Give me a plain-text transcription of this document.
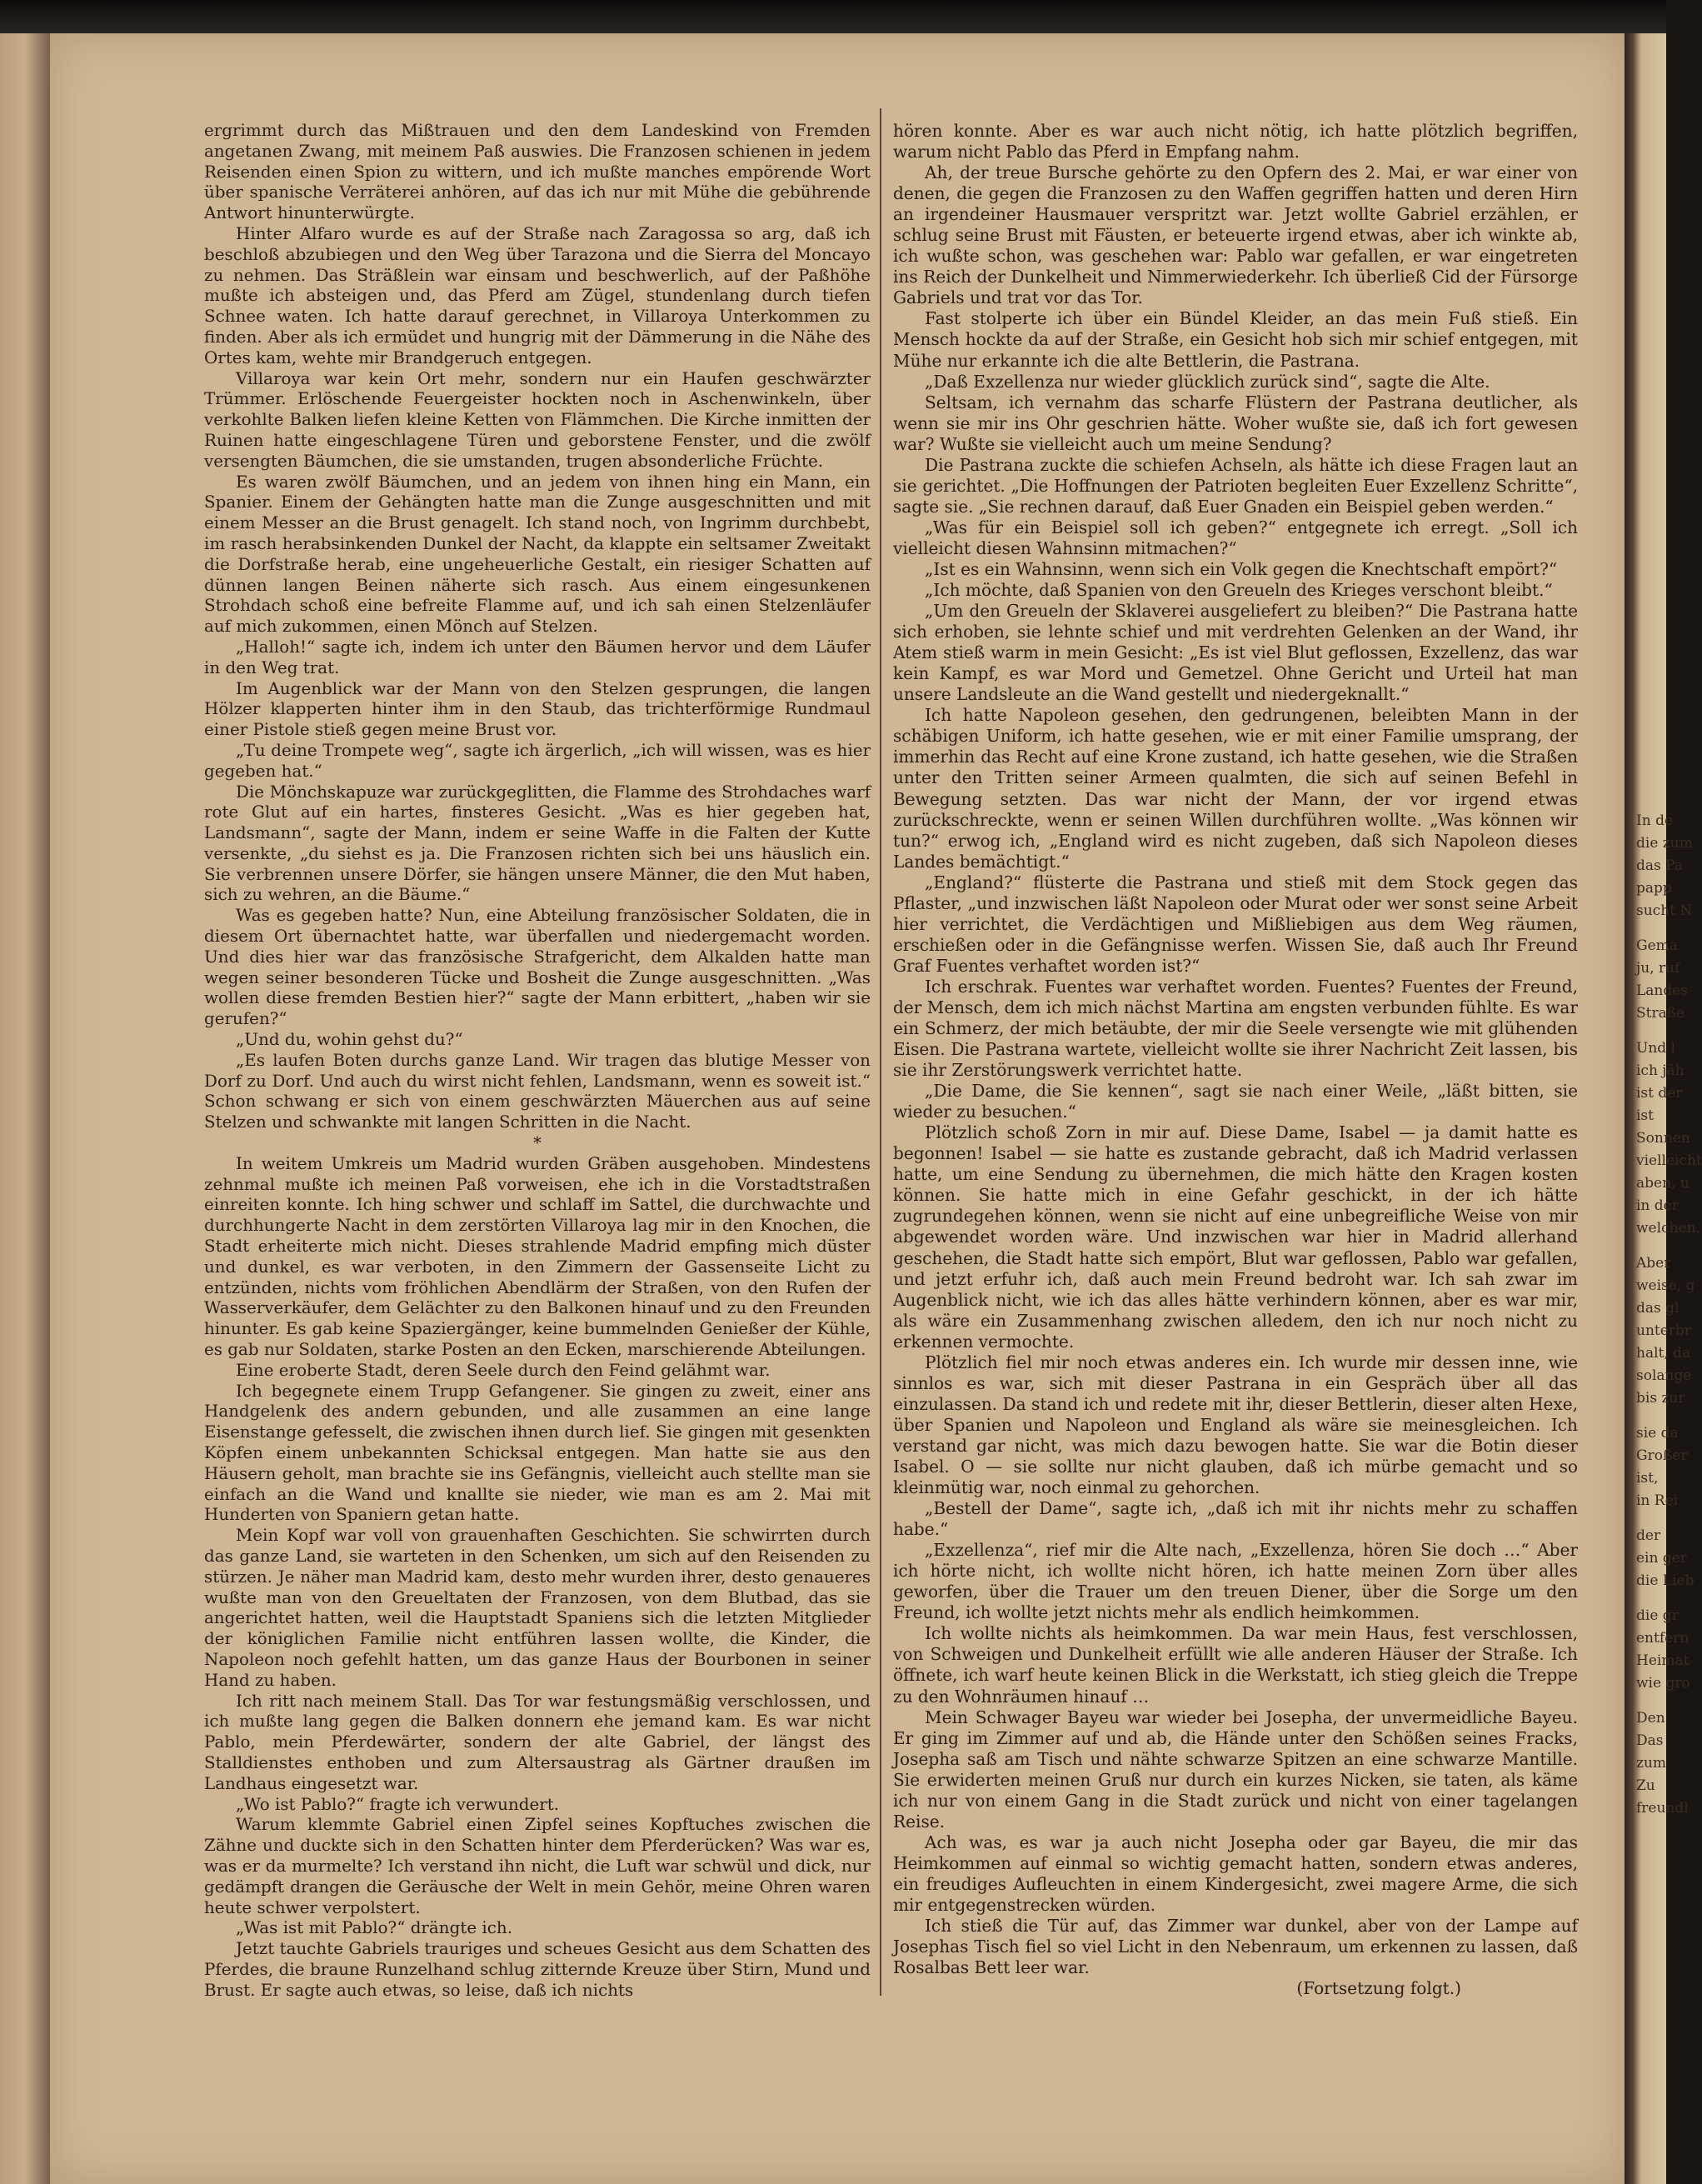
ergrimmt durch das Mißtrauen und den dem Landeskind von Fremden angetanen Zwang, mit meinem Paß auswies. Die Franzosen schienen in jedem Reisenden einen Spion zu wittern, und ich mußte manches empörende Wort über spanische Verräterei anhören, auf das ich nur mit Mühe die gebührende Antwort hinunterwürgte.

Hinter Alfaro wurde es auf der Straße nach Zaragossa so arg, daß ich beschloß abzubiegen und den Weg über Tarazona und die Sierra del Moncayo zu nehmen. Das Sträßlein war einsam und beschwerlich, auf der Paßhöhe mußte ich absteigen und, das Pferd am Zügel, stundenlang durch tiefen Schnee waten. Ich hatte darauf gerechnet, in Villaroya Unterkommen zu finden. Aber als ich ermüdet und hungrig mit der Dämmerung in die Nähe des Ortes kam, wehte mir Brandgeruch entgegen.

Villaroya war kein Ort mehr, sondern nur ein Haufen geschwärzter Trümmer. Erlöschende Feuergeister hockten noch in Aschenwinkeln, über verkohlte Balken liefen kleine Ketten von Flämmchen. Die Kirche inmitten der Ruinen hatte eingeschlagene Türen und geborstene Fenster, und die zwölf versengten Bäumchen, die sie umstanden, trugen absonderliche Früchte.

Es waren zwölf Bäumchen, und an jedem von ihnen hing ein Mann, ein Spanier. Einem der Gehängten hatte man die Zunge ausgeschnitten und mit einem Messer an die Brust genagelt. Ich stand noch, von Ingrimm durchbebt, im rasch herabsinkenden Dunkel der Nacht, da klappte ein seltsamer Zweitakt die Dorfstraße herab, eine ungeheuerliche Gestalt, ein riesiger Schatten auf dünnen langen Beinen näherte sich rasch. Aus einem eingesunkenen Strohdach schoß eine befreite Flamme auf, und ich sah einen Stelzenläufer auf mich zukommen, einen Mönch auf Stelzen.

„Halloh!“ sagte ich, indem ich unter den Bäumen hervor und dem Läufer in den Weg trat.

Im Augenblick war der Mann von den Stelzen gesprungen, die langen Hölzer klapperten hinter ihm in den Staub, das trichterförmige Rundmaul einer Pistole stieß gegen meine Brust vor.

„Tu deine Trompete weg“, sagte ich ärgerlich, „ich will wissen, was es hier gegeben hat.“

Die Mönchskapuze war zurückgeglitten, die Flamme des Strohdaches warf rote Glut auf ein hartes, finsteres Gesicht. „Was es hier gegeben hat, Landsmann“, sagte der Mann, indem er seine Waffe in die Falten der Kutte versenkte, „du siehst es ja. Die Franzosen richten sich bei uns häuslich ein. Sie verbrennen unsere Dörfer, sie hängen unsere Männer, die den Mut haben, sich zu wehren, an die Bäume.“

Was es gegeben hatte? Nun, eine Abteilung französischer Soldaten, die in diesem Ort übernachtet hatte, war überfallen und niedergemacht worden. Und dies hier war das französische Strafgericht, dem Alkalden hatte man wegen seiner besonderen Tücke und Bosheit die Zunge ausgeschnitten. „Was wollen diese fremden Bestien hier?“ sagte der Mann erbittert, „haben wir sie gerufen?“

„Und du, wohin gehst du?“

„Es laufen Boten durchs ganze Land. Wir tragen das blutige Messer von Dorf zu Dorf. Und auch du wirst nicht fehlen, Landsmann, wenn es soweit ist.“ Schon schwang er sich von einem geschwärzten Mäuerchen aus auf seine Stelzen und schwankte mit langen Schritten in die Nacht.

*

In weitem Umkreis um Madrid wurden Gräben ausgehoben. Mindestens zehnmal mußte ich meinen Paß vorweisen, ehe ich in die Vorstadtstraßen einreiten konnte. Ich hing schwer und schlaff im Sattel, die durchwachte und durchhungerte Nacht in dem zerstörten Villaroya lag mir in den Knochen, die Stadt erheiterte mich nicht. Dieses strahlende Madrid empfing mich düster und dunkel, es war verboten, in den Zimmern der Gassenseite Licht zu entzünden, nichts vom fröhlichen Abendlärm der Straßen, von den Rufen der Wasserverkäufer, dem Gelächter zu den Balkonen hinauf und zu den Freunden hinunter. Es gab keine Spaziergänger, keine bummelnden Genießer der Kühle, es gab nur Soldaten, starke Posten an den Ecken, marschierende Abteilungen.

Eine eroberte Stadt, deren Seele durch den Feind gelähmt war.

Ich begegnete einem Trupp Gefangener. Sie gingen zu zweit, einer ans Handgelenk des andern gebunden, und alle zusammen an eine lange Eisenstange gefesselt, die zwischen ihnen durch lief. Sie gingen mit gesenkten Köpfen einem unbekannten Schicksal entgegen. Man hatte sie aus den Häusern geholt, man brachte sie ins Gefängnis, vielleicht auch stellte man sie einfach an die Wand und knallte sie nieder, wie man es am 2. Mai mit Hunderten von Spaniern getan hatte.

Mein Kopf war voll von grauenhaften Geschichten. Sie schwirrten durch das ganze Land, sie warteten in den Schenken, um sich auf den Reisenden zu stürzen. Je näher man Madrid kam, desto mehr wurden ihrer, desto genaueres wußte man von den Greueltaten der Franzosen, von dem Blutbad, das sie angerichtet hatten, weil die Hauptstadt Spaniens sich die letzten Mitglieder der königlichen Familie nicht entführen lassen wollte, die Kinder, die Napoleon noch gefehlt hatten, um das ganze Haus der Bourbonen in seiner Hand zu haben.

Ich ritt nach meinem Stall. Das Tor war festungsmäßig verschlossen, und ich mußte lang gegen die Balken donnern ehe jemand kam. Es war nicht Pablo, mein Pferdewärter, sondern der alte Gabriel, der längst des Stalldienstes enthoben und zum Altersaustrag als Gärtner draußen im Landhaus eingesetzt war.

„Wo ist Pablo?“ fragte ich verwundert.

Warum klemmte Gabriel einen Zipfel seines Kopftuches zwischen die Zähne und duckte sich in den Schatten hinter dem Pferderücken? Was war es, was er da murmelte? Ich verstand ihn nicht, die Luft war schwül und dick, nur gedämpft drangen die Geräusche der Welt in mein Gehör, meine Ohren waren heute schwer verpolstert.

„Was ist mit Pablo?“ drängte ich.

Jetzt tauchte Gabriels trauriges und scheues Gesicht aus dem Schatten des Pferdes, die braune Runzelhand schlug zitternde Kreuze über Stirn, Mund und Brust. Er sagte auch etwas, so leise, daß ich nichts

hören konnte. Aber es war auch nicht nötig, ich hatte plötzlich begriffen, warum nicht Pablo das Pferd in Empfang nahm.

Ah, der treue Bursche gehörte zu den Opfern des 2. Mai, er war einer von denen, die gegen die Franzosen zu den Waffen gegriffen hatten und deren Hirn an irgendeiner Hausmauer verspritzt war. Jetzt wollte Gabriel erzählen, er schlug seine Brust mit Fäusten, er beteuerte irgend etwas, aber ich winkte ab, ich wußte schon, was geschehen war: Pablo war gefallen, er war eingetreten ins Reich der Dunkelheit und Nimmerwiederkehr. Ich überließ Cid der Fürsorge Gabriels und trat vor das Tor.

Fast stolperte ich über ein Bündel Kleider, an das mein Fuß stieß. Ein Mensch hockte da auf der Straße, ein Gesicht hob sich mir schief entgegen, mit Mühe nur erkannte ich die alte Bettlerin, die Pastrana.

„Daß Exzellenza nur wieder glücklich zurück sind“, sagte die Alte.

Seltsam, ich vernahm das scharfe Flüstern der Pastrana deutlicher, als wenn sie mir ins Ohr geschrien hätte. Woher wußte sie, daß ich fort gewesen war? Wußte sie vielleicht auch um meine Sendung?

Die Pastrana zuckte die schiefen Achseln, als hätte ich diese Fragen laut an sie gerichtet. „Die Hoffnungen der Patrioten begleiten Euer Exzellenz Schritte“, sagte sie. „Sie rechnen darauf, daß Euer Gnaden ein Beispiel geben werden.“

„Was für ein Beispiel soll ich geben?“ entgegnete ich erregt. „Soll ich vielleicht diesen Wahnsinn mitmachen?“

„Ist es ein Wahnsinn, wenn sich ein Volk gegen die Knechtschaft empört?“

„Ich möchte, daß Spanien von den Greueln des Krieges verschont bleibt.“

„Um den Greueln der Sklaverei ausgeliefert zu bleiben?“ Die Pastrana hatte sich erhoben, sie lehnte schief und mit verdrehten Gelenken an der Wand, ihr Atem stieß warm in mein Gesicht: „Es ist viel Blut geflossen, Exzellenz, das war kein Kampf, es war Mord und Gemetzel. Ohne Gericht und Urteil hat man unsere Landsleute an die Wand gestellt und niedergeknallt.“

Ich hatte Napoleon gesehen, den gedrungenen, beleibten Mann in der schäbigen Uniform, ich hatte gesehen, wie er mit einer Familie umsprang, der immerhin das Recht auf eine Krone zustand, ich hatte gesehen, wie die Straßen unter den Tritten seiner Armeen qualmten, die sich auf seinen Befehl in Bewegung setzten. Das war nicht der Mann, der vor irgend etwas zurückschreckte, wenn er seinen Willen durchführen wollte. „Was können wir tun?“ erwog ich, „England wird es nicht zugeben, daß sich Napoleon dieses Landes bemächtigt.“

„England?“ flüsterte die Pastrana und stieß mit dem Stock gegen das Pflaster, „und inzwischen läßt Napoleon oder Murat oder wer sonst seine Arbeit hier verrichtet, die Verdächtigen und Mißliebigen aus dem Weg räumen, erschießen oder in die Gefängnisse werfen. Wissen Sie, daß auch Ihr Freund Graf Fuentes verhaftet worden ist?“

Ich erschrak. Fuentes war verhaftet worden. Fuentes? Fuentes der Freund, der Mensch, dem ich mich nächst Martina am engsten verbunden fühlte. Es war ein Schmerz, der mich betäubte, der mir die Seele versengte wie mit glühenden Eisen. Die Pastrana wartete, vielleicht wollte sie ihrer Nachricht Zeit lassen, bis sie ihr Zerstörungswerk verrichtet hatte.

„Die Dame, die Sie kennen“, sagt sie nach einer Weile, „läßt bitten, sie wieder zu besuchen.“

Plötzlich schoß Zorn in mir auf. Diese Dame, Isabel — ja damit hatte es begonnen! Isabel — sie hatte es zustande gebracht, daß ich Madrid verlassen hatte, um eine Sendung zu übernehmen, die mich hätte den Kragen kosten können. Sie hatte mich in eine Gefahr geschickt, in der ich hätte zugrundegehen können, wenn sie nicht auf eine unbegreifliche Weise von mir abgewendet worden wäre. Und inzwischen war hier in Madrid allerhand geschehen, die Stadt hatte sich empört, Blut war geflossen, Pablo war gefallen, und jetzt erfuhr ich, daß auch mein Freund bedroht war. Ich sah zwar im Augenblick nicht, wie ich das alles hätte verhindern können, aber es war mir, als wäre ein Zusammenhang zwischen alledem, den ich nur noch nicht zu erkennen vermochte.

Plötzlich fiel mir noch etwas anderes ein. Ich wurde mir dessen inne, wie sinnlos es war, sich mit dieser Pastrana in ein Gespräch über all das einzulassen. Da stand ich und redete mit ihr, dieser Bettlerin, dieser alten Hexe, über Spanien und Napoleon und England als wäre sie meinesgleichen. Ich verstand gar nicht, was mich dazu bewogen hatte. Sie war die Botin dieser Isabel. O — sie sollte nur nicht glauben, daß ich mürbe gemacht und so kleinmütig war, noch einmal zu gehorchen.

„Bestell der Dame“, sagte ich, „daß ich mit ihr nichts mehr zu schaffen habe.“

„Exzellenza“, rief mir die Alte nach, „Exzellenza, hören Sie doch …“ Aber ich hörte nicht, ich wollte nicht hören, ich hatte meinen Zorn über alles geworfen, über die Trauer um den treuen Diener, über die Sorge um den Freund, ich wollte jetzt nichts mehr als endlich heimkommen.

Ich wollte nichts als heimkommen. Da war mein Haus, fest verschlossen, von Schweigen und Dunkelheit erfüllt wie alle anderen Häuser der Straße. Ich öffnete, ich warf heute keinen Blick in die Werkstatt, ich stieg gleich die Treppe zu den Wohnräumen hinauf …

Mein Schwager Bayeu war wieder bei Josepha, der unvermeidliche Bayeu. Er ging im Zimmer auf und ab, die Hände unter den Schößen seines Fracks, Josepha saß am Tisch und nähte schwarze Spitzen an eine schwarze Mantille. Sie erwiderten meinen Gruß nur durch ein kurzes Nicken, sie taten, als käme ich nur von einem Gang in die Stadt zurück und nicht von einer tagelangen Reise.

Ach was, es war ja auch nicht Josepha oder gar Bayeu, die mir das Heimkommen auf einmal so wichtig gemacht hatten, sondern etwas anderes, ein freudiges Aufleuchten in einem Kindergesicht, zwei magere Arme, die sich mir entgegenstrecken würden.

Ich stieß die Tür auf, das Zimmer war dunkel, aber von der Lampe auf Josephas Tisch fiel so viel Licht in den Nebenraum, um erkennen zu lassen, daß Rosalbas Bett leer war.

(Fortsetzung folgt.)

In de
die zum
das Pa
papp
sucht N
Gema
ju, ruf
Landes
Straße
Und l
ich jäh
ist der
ist
Sonnen
vielleicht
aben, u
in der
welchen,
Aber
weise, g
das gl
unterbr
halt, da
solange
bis zur
sie da
Großer
ist,
in Rei
der
ein ger
die Lieb
die gr
entfern
Heimat
wie gro
Den
Das
zum
Zu
freundl
